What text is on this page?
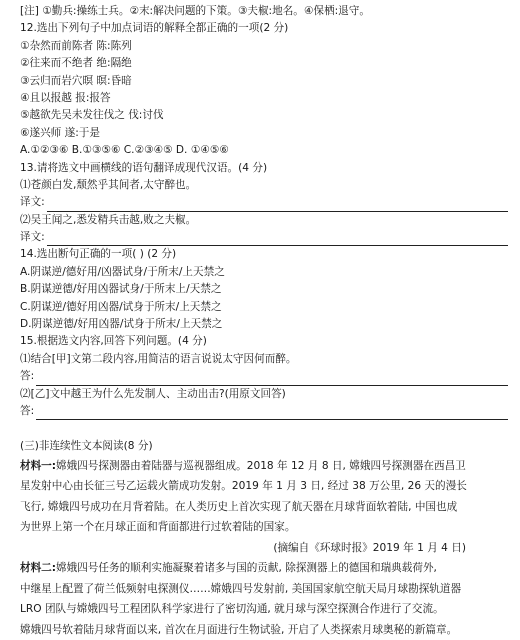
[注] ①勤兵:操练士兵。②末:解决问题的下策。③夫椒:地名。④保栖:退守。
12.选出下列句子中加点词语的解释全都正确的一项(2 分)
①杂然而前陈者 陈:陈列
②往来而不绝者 绝:隔绝
③云归而岩穴暝 暝:昏暗
④且以报越 报:报答
⑤越欲先吴未发往伐之 伐:讨伐
⑥遂兴师 遂:于是
A.①②③⑥ B.①③⑤⑥ C.②③④⑤ D. ①④⑤⑥
13.请将选文中画横线的语句翻译成现代汉语。(4 分)
⑴苍颜白发,颓然乎其间者,太守醉也。
译文:
⑵吴王闻之,悉发精兵击越,败之夫椒。
译文:
14.选出断句正确的一项( ) (2 分)
A.阴谋逆/德好用/凶器试身/于所末/上天禁之
B.阴谋逆德/好用凶器试身/于所末上/天禁之
C.阴谋逆/德好用凶器/试身于所末/上天禁之
D.阴谋逆德/好用凶器/试身于所末/上天禁之
15.根据选文内容,回答下列问题。(4 分)
⑴结合[甲]文第二段内容,用简洁的语言说说太守因何而醉。
答:
⑵[乙]文中越王为什么先发制人、主动出击?(用原文回答)
答:
(三)非连续性文本阅读(8 分)
材料一:嫦娥四号探测器由着陆器与巡视器组成。2018 年 12 月 8 日, 嫦娥四号探测器在西昌卫
星发射中心由长征三号乙运载火箭成功发射。2019 年 1 月 3 日, 经过 38 万公里, 26 天的漫长
飞行, 嫦娥四号成功在月背着陆。在人类历史上首次实现了航天器在月球背面软着陆, 中国也成
为世界上第一个在月球正面和背面都进行过软着陆的国家。
(摘编自《环球时报》2019 年 1 月 4 日)
材料二:嫦娥四号任务的顺利实施凝聚着诸多与国的贡献, 除探测器上的德国和瑞典载荷外,
中继星上配置了荷兰低频射电探测仪……嫦娥四号发射前, 美国国家航空航天局月球勘探轨道器
LRO 团队与嫦娥四号工程团队科学家进行了密切沟通, 就月球与深空探测合作进行了交流。
嫦娥四号软着陆月球背面以来, 首次在月面进行生物试验, 开启了人类探索月球奥秘的新篇章。
